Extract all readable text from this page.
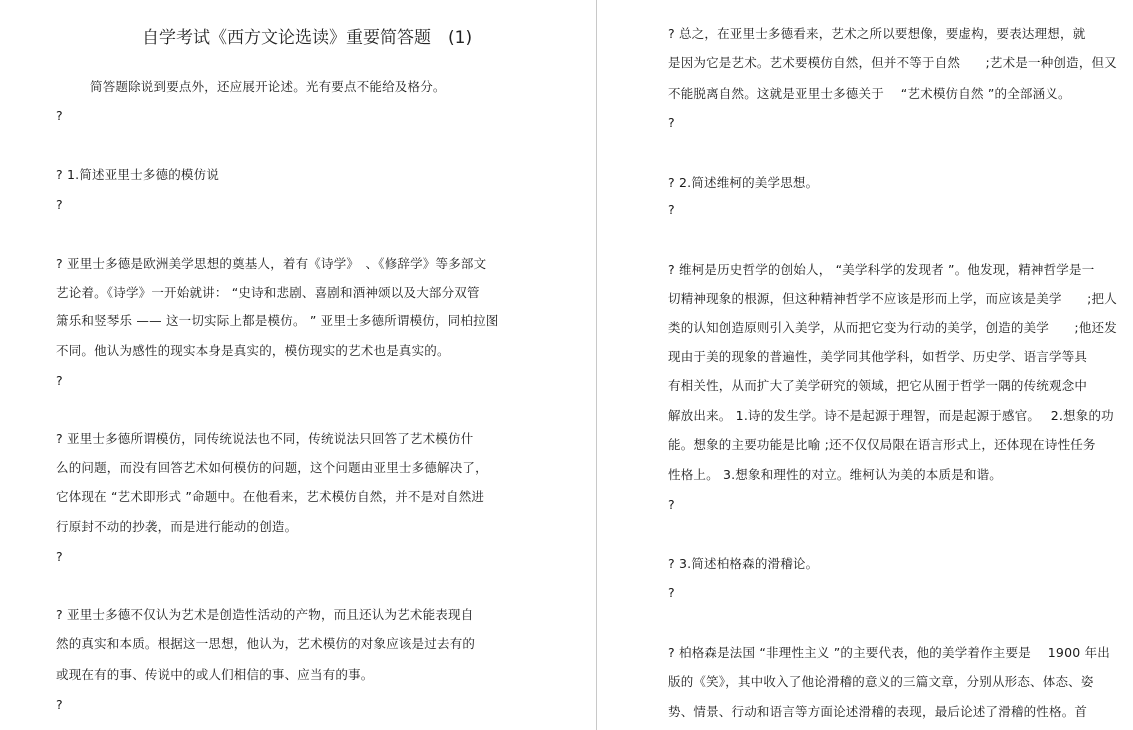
自学考试《西方文论选读》重要简答题　(1)
简答题除说到要点外，还应展开论述。光有要点不能给及格分。
?
? 1.简述亚里士多德的模仿说
?
? 亚里士多德是欧洲美学思想的奠基人，着有《诗学》　、《修辞学》等多部文
艺论着。《诗学》一开始就讲： “史诗和悲剧、喜剧和酒神颂以及大部分双管
箫乐和竖琴乐 —— 这一切实际上都是模仿。 ” 亚里士多德所谓模仿，同柏拉图
不同。他认为感性的现实本身是真实的，模仿现实的艺术也是真实的。
?
? 亚里士多德所谓模仿，同传统说法也不同，传统说法只回答了艺术模仿什
么的问题，而没有回答艺术如何模仿的问题，这个问题由亚里士多德解决了，
它体现在 “艺术即形式 ”命题中。在他看来，艺术模仿自然，并不是对自然进
行原封不动的抄袭，而是进行能动的创造。
?
? 亚里士多德不仅认为艺术是创造性活动的产物，而且还认为艺术能表现自
然的真实和本质。根据这一思想，他认为，艺术模仿的对象应该是过去有的
或现在有的事、传说中的或人们相信的事、应当有的事。
?
? 总之，在亚里士多德看来，艺术之所以要想像，要虚构，要表达理想，就
是因为它是艺术。艺术要模仿自然，但并不等于自然　　;艺术是一种创造，但又
不能脱离自然。这就是亚里士多德关于　 “艺术模仿自然 ”的全部涵义。
?
? 2.简述维柯的美学思想。
?
? 维柯是历史哲学的创始人， “美学科学的发现者 ”。他发现，精神哲学是一
切精神现象的根源，但这种精神哲学不应该是形而上学，而应该是美学　　;把人
类的认知创造原则引入美学，从而把它变为行动的美学，创造的美学　　;他还发
现由于美的现象的普遍性，美学同其他学科，如哲学、历史学、语言学等具
有相关性，从而扩大了美学研究的领域，把它从囿于哲学一隅的传统观念中
解放出来。 1.诗的发生学。诗不是起源于理智，而是起源于感官。　 2.想象的功
能。想象的主要功能是比喻 ;还不仅仅局限在语言形式上，还体现在诗性任务
性格上。 3.想象和理性的对立。维柯认为美的本质是和谐。
?
? 3.简述柏格森的滑稽论。
?
? 柏格森是法国 “非理性主义 ”的主要代表，他的美学着作主要是　 1900 年出
版的《笑》，其中收入了他论滑稽的意义的三篇文章，分别从形态、体态、姿
势、情景、行动和语言等方面论述滑稽的表现，最后论述了滑稽的性格。首
